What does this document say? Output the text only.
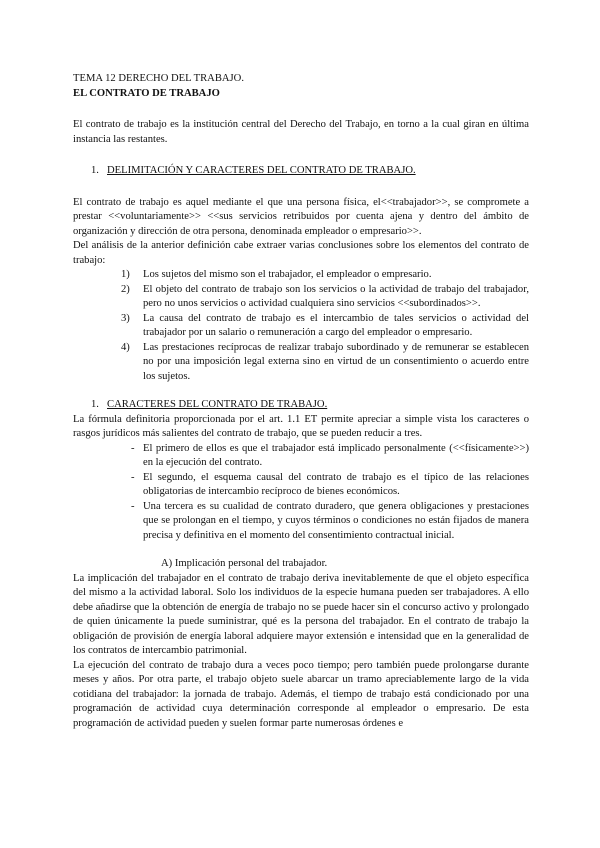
TEMA 12 DERECHO DEL TRABAJO.

EL CONTRATO DE TRABAJO

El contrato de trabajo es la institución central del Derecho del Trabajo, en torno a la cual giran en última instancia las restantes.

1. DELIMITACIÓN Y CARACTERES DEL CONTRATO DE TRABAJO.

El contrato de trabajo es aquel mediante el que una persona física, el<<trabajador>>, se compromete a prestar <<voluntariamente>> <<sus servicios retribuidos por cuenta ajena y dentro del ámbito de organización y dirección de otra persona, denominada empleador o empresario>>.

Del análisis de la anterior definición cabe extraer varias conclusiones sobre los elementos del contrato de trabajo:

1)	Los sujetos del mismo son el trabajador, el empleador o empresario.
2)	El objeto del contrato de trabajo son los servicios o la actividad de trabajo del trabajador, pero no unos servicios o actividad cualquiera sino servicios <<subordinados>>.
3)	La causa del contrato de trabajo es el intercambio de tales servicios o actividad del trabajador por un salario o remuneración a cargo del empleador o empresario.
4)	Las prestaciones recíprocas de realizar trabajo subordinado y de remunerar se establecen no por una imposición legal externa sino en virtud de un consentimiento o acuerdo entre los sujetos.
1. CARACTERES DEL CONTRATO DE TRABAJO.

La fórmula definitoria proporcionada por el art. 1.1 ET permite apreciar a simple vista los caracteres o rasgos jurídicos más salientes del contrato de trabajo, que se pueden reducir a tres.

- El primero de ellos es que el trabajador está implicado personalmente (<<físicamente>>) en la ejecución del contrato.
- El segundo, el esquema causal del contrato de trabajo es el típico de las relaciones obligatorias de intercambio recíproco de bienes económicos.
- Una tercera es su cualidad de contrato duradero, que genera obligaciones y prestaciones que se prolongan en el tiempo, y cuyos términos o condiciones no están fijados de manera precisa y definitiva en el momento del consentimiento contractual inicial.

A) Implicación personal del trabajador.

La implicación del trabajador en el contrato de trabajo deriva inevitablemente de que el objeto específica del mismo a la actividad laboral. Solo los individuos de la especie humana pueden ser trabajadores. A ello debe añadirse que la obtención de energía de trabajo no se puede hacer sin el concurso activo y prolongado de quien únicamente la puede suministrar, qué es la persona del trabajador. En el contrato de trabajo la obligación de provisión de energía laboral adquiere mayor extensión e intensidad que en la generalidad de los contratos de intercambio patrimonial.

La ejecución del contrato de trabajo dura a veces poco tiempo; pero también puede prolongarse durante meses y años. Por otra parte, el trabajo objeto suele abarcar un tramo apreciablemente largo de la vida cotidiana del trabajador: la jornada de trabajo. Además, el tiempo de trabajo está condicionado por una programación de actividad cuya determinación corresponde al empleador o empresario. De esta programación de actividad pueden y suelen formar parte numerosas órdenes e
